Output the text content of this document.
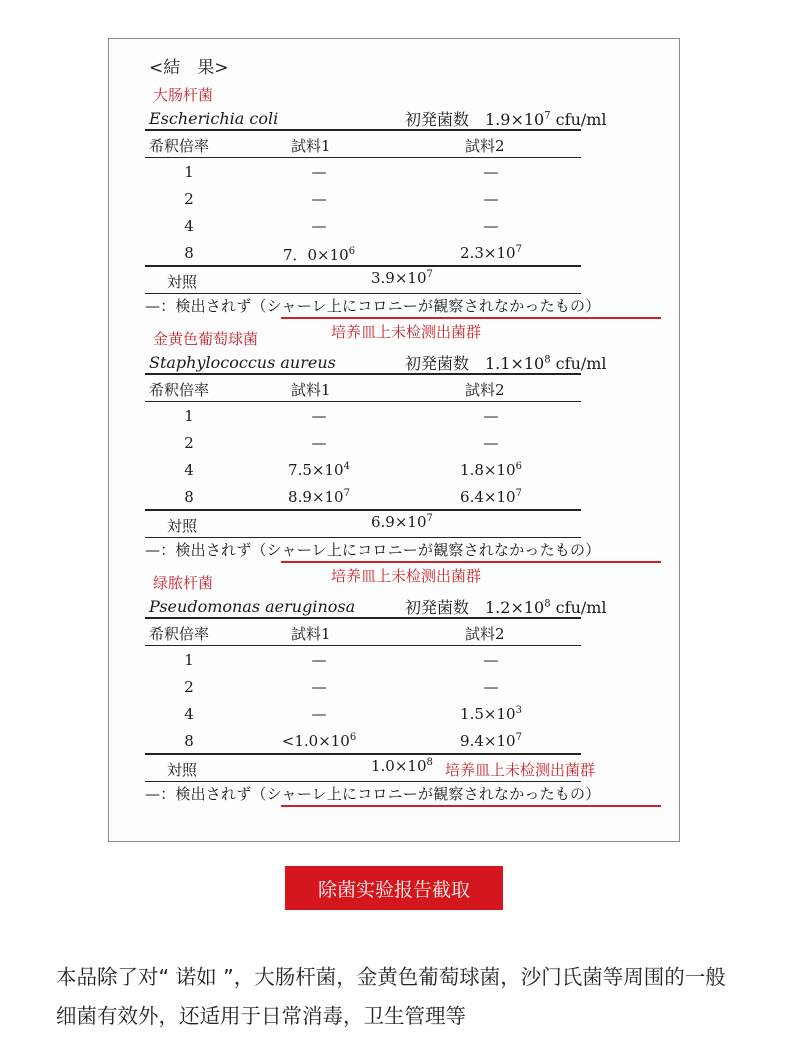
<結　果>
大肠杆菌
Escherichia coli	初発菌数　$1.9\times 10^7$ cfu/ml
希釈倍率	試料1	試料2
1	—	—
2	—	—
4	—	—
8	7．$0\times 10^6$	$2.3\times 10^7$
対照	$3.9\times 10^7$
—：検出されず（シャーレ上にコロニーが観察されなかったもの）
培养皿上未检测出菌群
金黄色葡萄球菌
Staphylococcus aureus	初発菌数　$1.1\times 10^8$ cfu/ml
希釈倍率	試料1	試料2
1	—	—
2	—	—
4	$7.5\times 10^4$	$1.8\times 10^6$
8	$8.9\times 10^7$	$6.4\times 10^7$
対照	$6.9\times 10^7$
—：検出されず（シャーレ上にコロニーが観察されなかったもの）
培养皿上未检测出菌群
绿脓杆菌
Pseudomonas aeruginosa	初発菌数　$1.2\times 10^8$ cfu/ml
希釈倍率	試料1	試料2
1	—	—
2	—	—
4	—	$1.5\times 10^3$
8	$<1.0\times 10^6$	$9.4\times 10^7$
対照	$1.0\times 10^8$ 培养皿上未检测出菌群
—：検出されず（シャーレ上にコロニーが観察されなかったもの）
除菌实验报告截取
本品除了对“ 诺如 ”，大肠杆菌，金黄色葡萄球菌，沙门氏菌等周围的一般细菌有效外，还适用于日常消毒，卫生管理等
